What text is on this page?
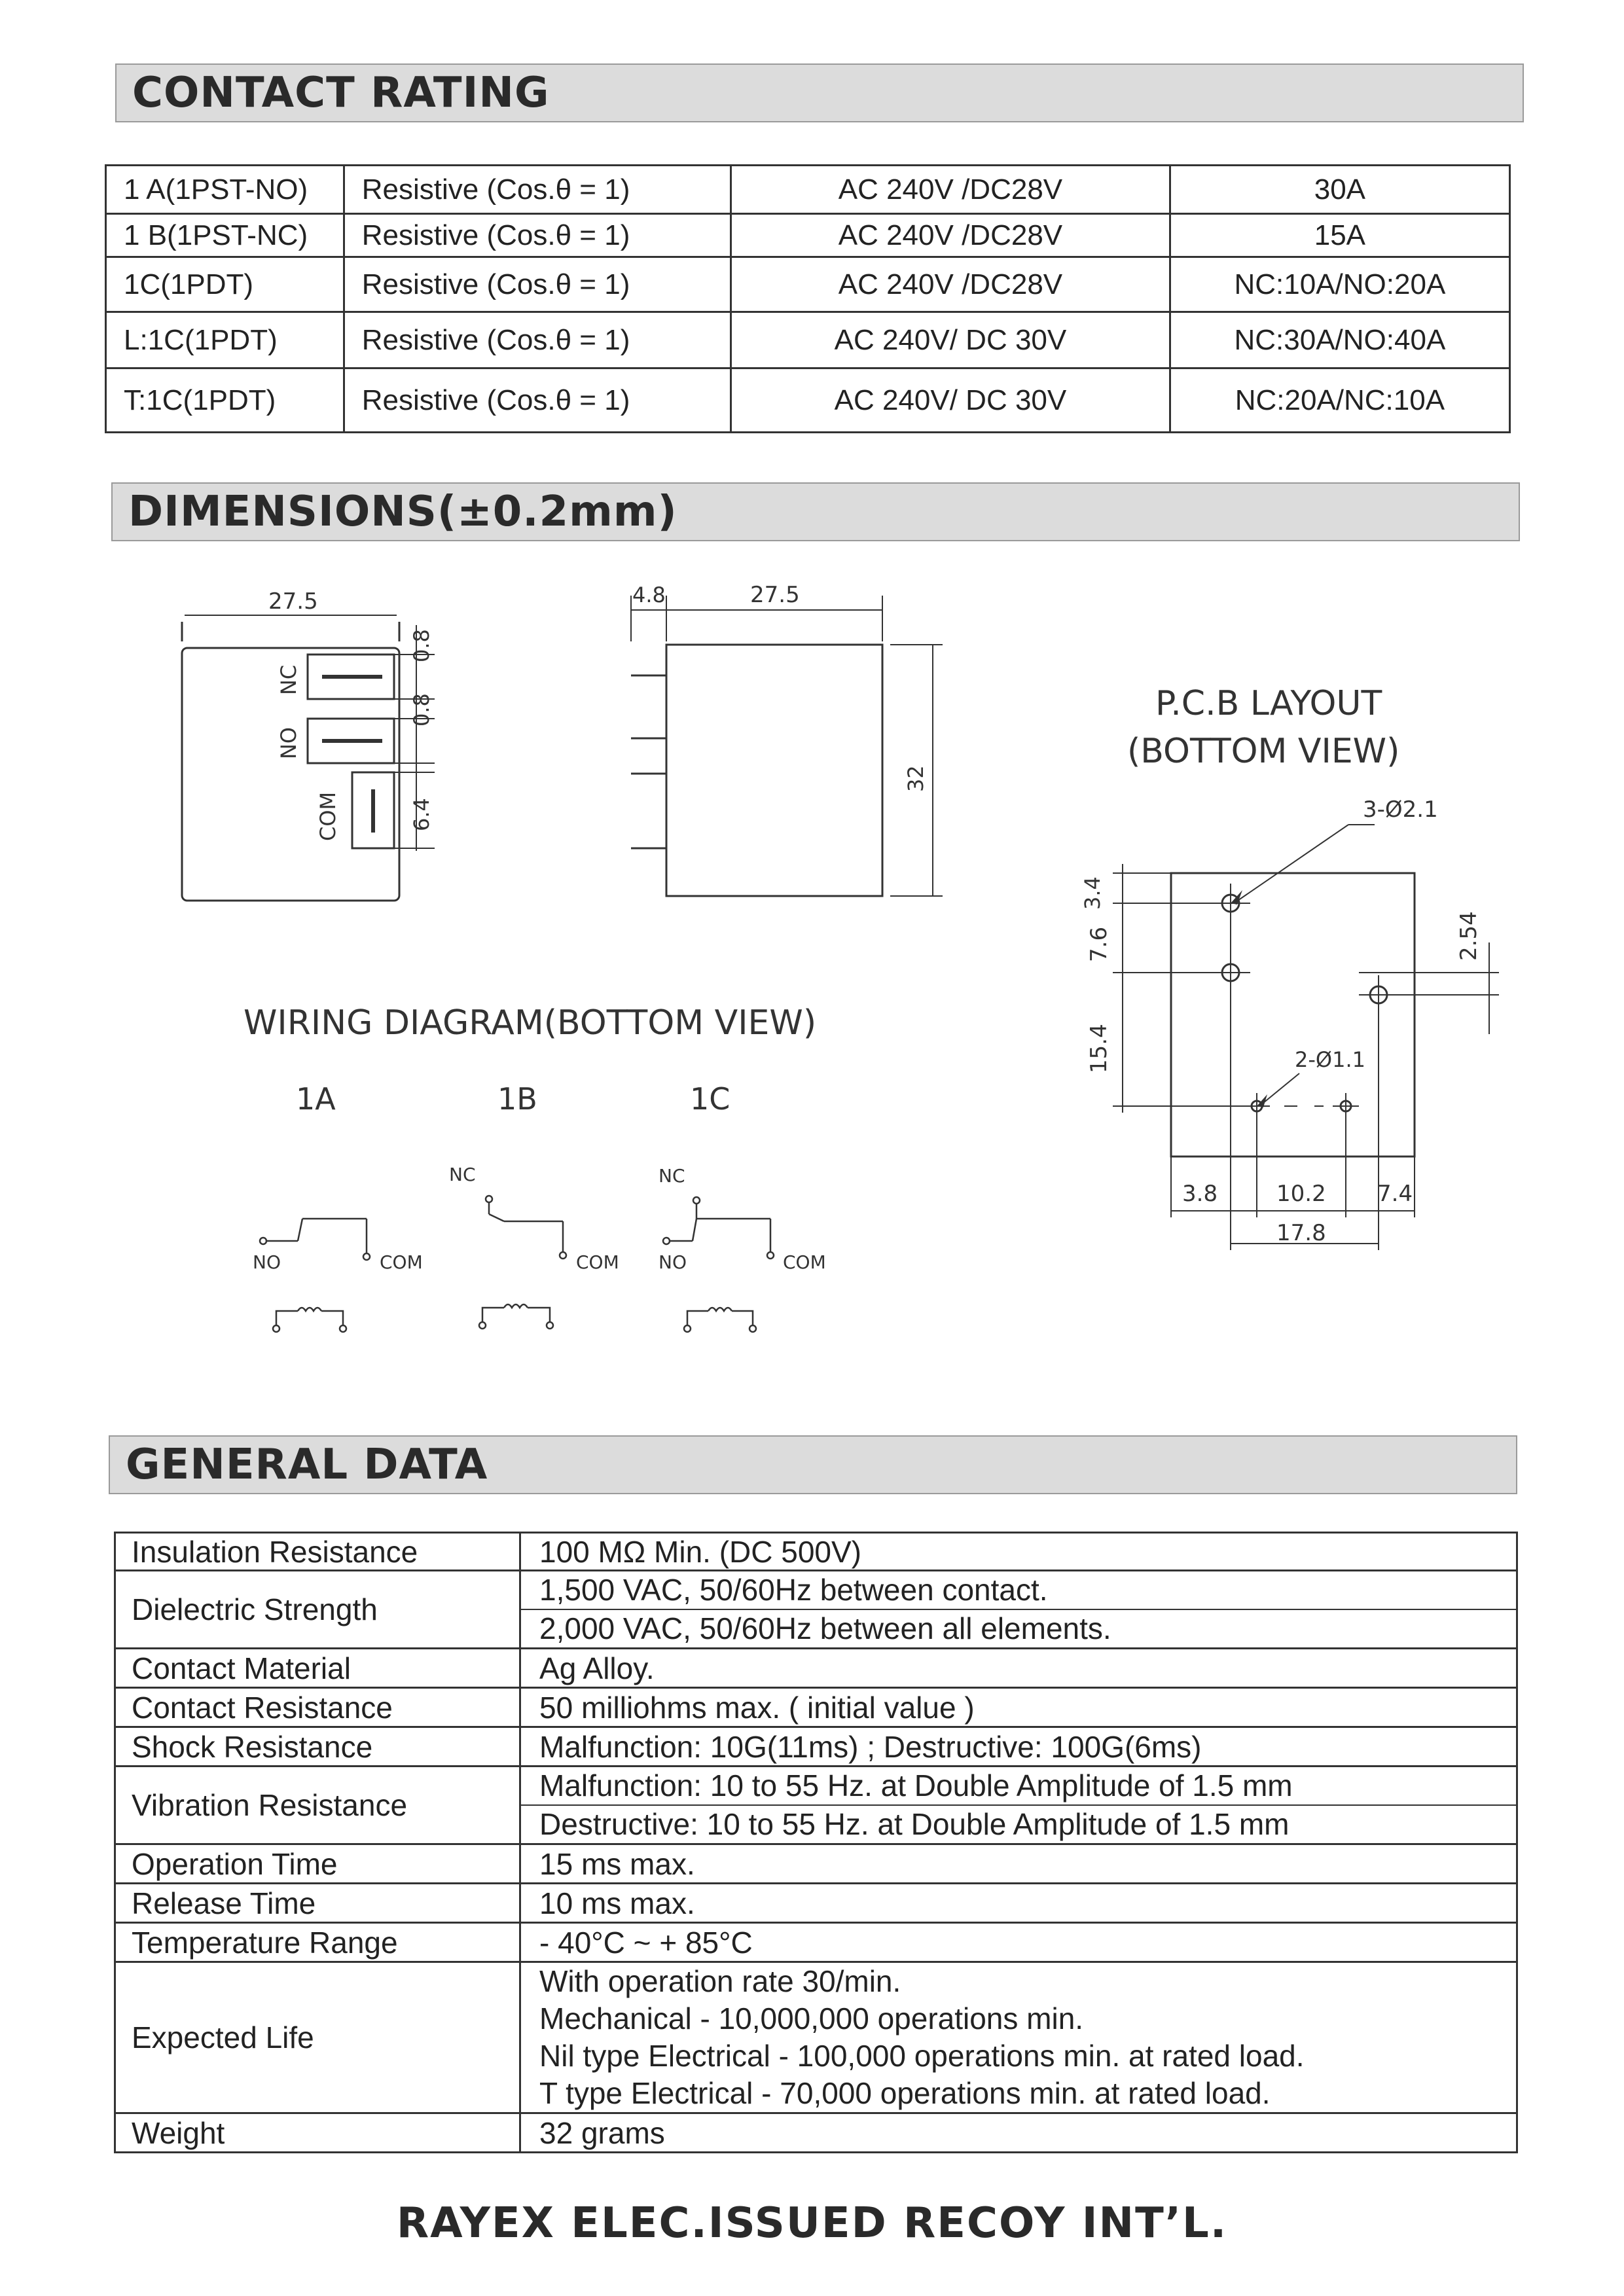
CONTACT RATING
1 A(1PST-NO)	Resistive (Cos.θ = 1)	AC 240V /DC28V	30A
1 B(1PST-NC)	Resistive (Cos.θ = 1)	AC 240V /DC28V	15A
1C(1PDT)	Resistive (Cos.θ = 1)	AC 240V /DC28V	NC:10A/NO:20A
L:1C(1PDT)	Resistive (Cos.θ = 1)	AC 240V/ DC 30V	NC:30A/NO:40A
T:1C(1PDT)	Resistive (Cos.θ = 1)	AC 240V/ DC 30V	NC:20A/NC:10A
DIMENSIONS(±0.2mm)
27.5
NC
NO
COM
0.8
0.8
6.4
4.8	27.5
32
P.C.B LAYOUT
(BOTTOM VIEW)
3-Ø2.1
2-Ø1.1
3.4
7.6
15.4
2.54
3.8	10.2 7.4
17.8
WIRING DIAGRAM(BOTTOM VIEW)
1A	1B	1C
NO	COM
NC
COM
NC
NO	COM
GENERAL DATA
Insulation Resistance	100 MΩ Min. (DC 500V)
Dielectric Strength	1,500 VAC, 50/60Hz between contact.
2,000 VAC, 50/60Hz between all elements.

Contact Material	Ag Alloy.
Contact Resistance	50 milliohms max. ( initial value )
Shock Resistance	Malfunction: 10G(11ms) ; Destructive: 100G(6ms)
Vibration Resistance	Malfunction: 10 to 55 Hz. at Double Amplitude of 1.5 mm
Destructive: 10 to 55 Hz. at Double Amplitude of 1.5 mm

Operation Time	15 ms max.
Release Time	10 ms max.
Temperature Range	- 40°C ~ + 85°C
Expected Life	With operation rate 30/min.
Mechanical - 10,000,000 operations min.
Nil type Electrical - 100,000 operations min. at rated load.
T type Electrical - 70,000 operations min. at rated load.

Weight	32 grams
RAYEX ELEC.ISSUED RECOY INT’L.
